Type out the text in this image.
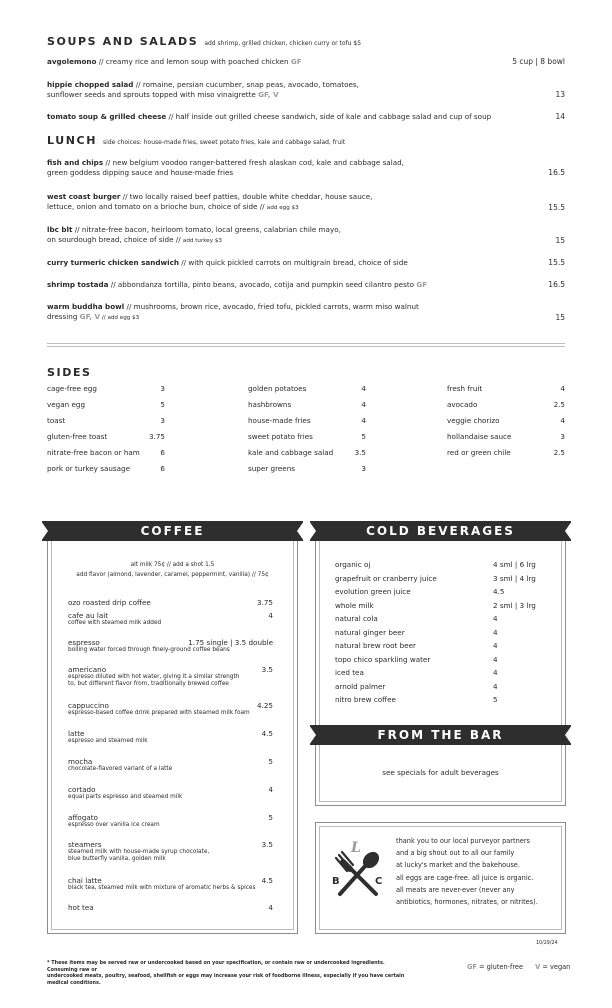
SOUPS AND SALADS add shrimp, grilled chicken, chicken curry or tofu $5
avgolemono // creamy rice and lemon soup with poached chicken GF	5 cup | 8 bowl
hippie chopped salad // romaine, persian cucumber, snap peas, avocado, tomatoes,
sunflower seeds and sprouts topped with miso vinaigrette GF, V	13
tomato soup & grilled cheese // half inside out grilled cheese sandwich, side of kale and cabbage salad and cup of soup	14
LUNCH side choices: house-made fries, sweet potato fries, kale and cabbage salad, fruit
fish and chips // new belgium voodoo ranger-battered fresh alaskan cod, kale and cabbage salad,
green goddess dipping sauce and house-made fries	16.5
west coast burger // two locally raised beef patties, double white cheddar, house sauce,
lettuce, onion and tomato on a brioche bun, choice of side // add egg $3	15.5
lbc blt // nitrate-free bacon, heirloom tomato, local greens, calabrian chile mayo,
on sourdough bread, choice of side // add turkey $3	15
curry turmeric chicken sandwich // with quick pickled carrots on multigrain bread, choice of side	15.5
shrimp tostada // abbondanza tortilla, pinto beans, avocado, cotija and pumpkin seed cilantro pesto GF	16.5
warm buddha bowl // mushrooms, brown rice, avocado, fried tofu, pickled carrots, warm miso walnut
dressing GF, V // add egg $3	15
SIDES
cage-free egg	3
vegan egg	5
toast	3
gluten-free toast	3.75
nitrate-free bacon or ham	6
pork or turkey sausage	6
golden potatoes	4
hashbrowns	4
house-made fries	4
sweet potato fries	5
kale and cabbage salad	3.5
super greens	3
fresh fruit	4
avocado	2.5
veggie chorizo	4
hollandaise sauce	3
red or green chile	2.5
COFFEE
alt milk 75¢ // add a shot 1.5
add flavor (almond, lavender, caramel, peppermint, vanilla) // 75¢
ozo roasted drip coffee	3.75
cafe au lait	4
coffee with steamed milk added
espresso	1.75 single | 3.5 double
boiling water forced through finely-ground coffee beans
americano	3.5
espresso diluted with hot water, giving it a similar strength
to, but different flavor from, traditionally brewed coffee
cappuccino	4.25
espresso-based coffee drink prepared with steamed milk foam
latte	4.5
espresso and steamed milk
mocha	5
chocolate-flavored variant of a latte
cortado	4
equal parts espresso and steamed milk
affogato	5
espresso over vanilla ice cream
steamers	3.5
steamed milk with house-made syrup chocolate,
blue butterfly vanilla, golden milk
chai latte	4.5
black tea, steamed milk with mixture of aromatic herbs & spices
hot tea	4
COLD BEVERAGES
organic oj	4 sml | 6 lrg
grapefruit or cranberry juice	3 sml | 4 lrg
evolution green juice	4.5
whole milk	2 sml | 3 lrg
natural cola	4
natural ginger beer	4
natural brew root beer	4
topo chico sparkling water	4
iced tea	4
arnold palmer	4
nitro brew coffee	5
FROM THE BAR
see specials for adult beverages
L
B	C
thank you to our local purveyor partners
and a big shout out to all our family
at lucky's market and the bakehouse.
all eggs are cage-free. all juice is organic.
all meats are never-ever (never any
antibiotics, hormones, nitrates, or nitrites).
10/29/24
* These items may be served raw or undercooked based on your specification, or contain raw or undercooked ingredients. Consuming raw or
undercooked meats, poultry, seafood, shellfish or eggs may increase your risk of foodborne illness, especially if you have certain medical conditions.
GF = gluten-free V = vegan
